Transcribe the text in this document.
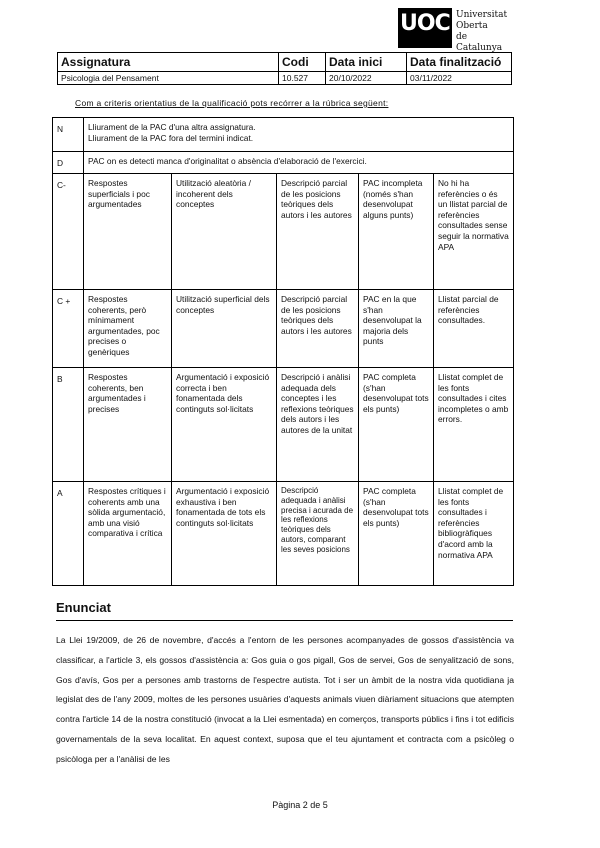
UOC Universitat
Oberta
de Catalunya
Assignatura	Codi	Data inici	Data finalització
Psicologia del Pensament	10.527	20/10/2022	03/11/2022
Com a criteris orientatius de la qualificació pots recórrer a la rúbrica següent:
N	Lliurament de la PAC d'una altra assignatura.
Lliurament de la PAC fora del termini indicat.				

D	PAC on es detecti manca d'originalitat o absència d'elaboració de l'exercici.				
C-	Respostes superficials i poc argumentades	Utilització aleatòria / incoherent dels conceptes	Descripció parcial de les posicions teòriques dels autors i les autores	PAC incompleta (només s'han desenvolupat alguns punts)	No hi ha referències o és un llistat parcial de referències consultades sense seguir la normativa APA
C +	Respostes coherents, però mínimament argumentades, poc precises o genèriques	Utilització superficial dels conceptes	Descripció parcial de les posicions teòriques dels autors i les autores	PAC en la que s'han desenvolupat la majoria dels punts	Llistat parcial de referències consultades.
B	Respostes coherents, ben argumentades i precises	Argumentació i exposició correcta i ben fonamentada dels continguts sol·licitats	Descripció i anàlisi adequada dels conceptes i les reflexions teòriques dels autors i les autores de la unitat	PAC completa (s'han desenvolupat tots els punts)	Llistat complet de les fonts consultades i cites incompletes o amb errors.
A	Respostes crítiques i coherents amb una sòlida argumentació, amb una visió comparativa i crítica	Argumentació i exposició exhaustiva i ben fonamentada de tots els continguts sol·licitats	Descripció adequada i anàlisi precisa i acurada de les reflexions teòriques dels autors, comparant les seves posicions	PAC completa (s'han desenvolupat tots els punts)	Llistat complet de les fonts consultades i referències bibliogràfiques d'acord amb la normativa APA
Enunciat
La Llei 19/2009, de 26 de novembre, d'accés a l'entorn de les persones acompanyades de gossos d'assistència va classificar, a l'article 3, els gossos d'assistència a: Gos guia o gos pigall, Gos de servei, Gos de senyalització de sons, Gos d'avís, Gos per a persones amb trastorns de l'espectre autista. Tot i ser un àmbit de la nostra vida quotidiana ja legislat des de l'any 2009, moltes de les persones usuàries d'aquests animals viuen diàriament situacions que atempten contra l'article 14 de la nostra constitució (invocat a la Llei esmentada) en comerços, transports públics i fins i tot edificis governamentals de la seva localitat. En aquest context, suposa que el teu ajuntament et contracta com a psicòleg o psicòloga per a l'anàlisi de les
Pàgina 2 de 5
